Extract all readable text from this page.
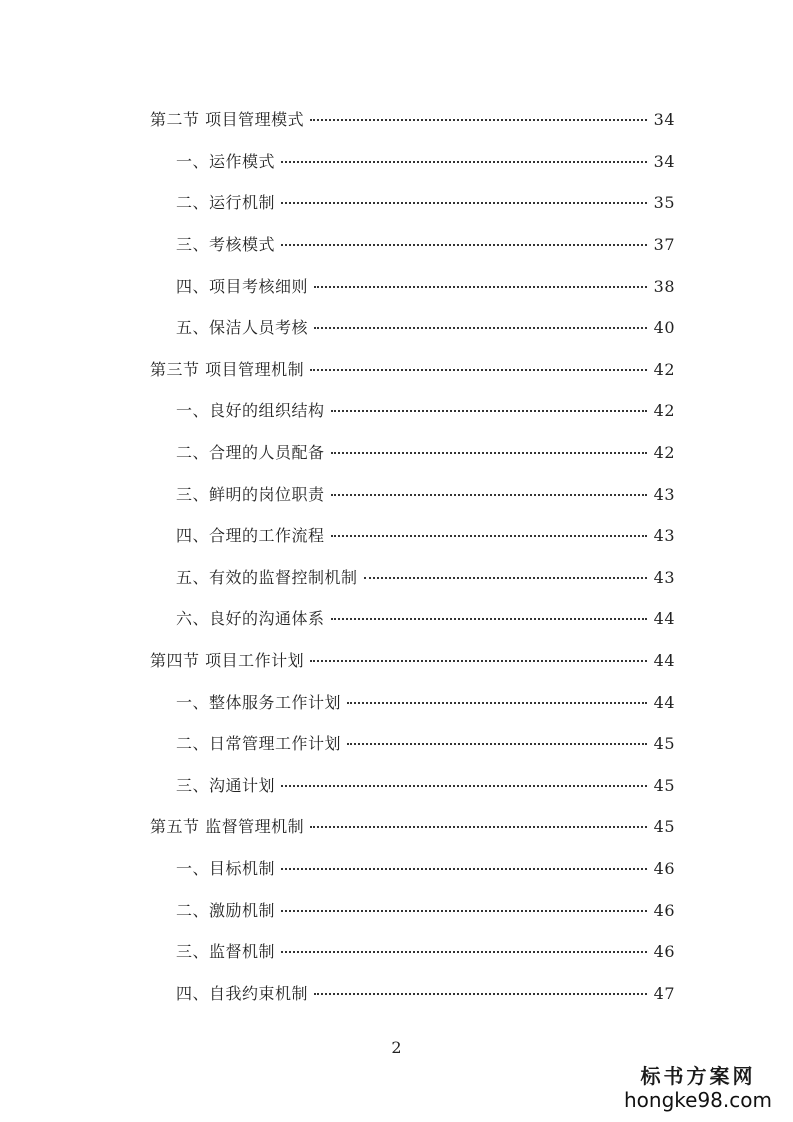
第二节 项目管理模式	34
一、运作模式	34
二、运行机制	35
三、考核模式	37
四、项目考核细则	38
五、保洁人员考核	40
第三节 项目管理机制	42
一、良好的组织结构	42
二、合理的人员配备	42
三、鲜明的岗位职责	43
四、合理的工作流程	43
五、有效的监督控制机制	43
六、良好的沟通体系	44
第四节 项目工作计划	44
一、整体服务工作计划	44
二、日常管理工作计划	45
三、沟通计划	45
第五节 监督管理机制	45
一、目标机制	46
二、激励机制	46
三、监督机制	46
四、自我约束机制	47
2
标书方案网
hongke98.com
